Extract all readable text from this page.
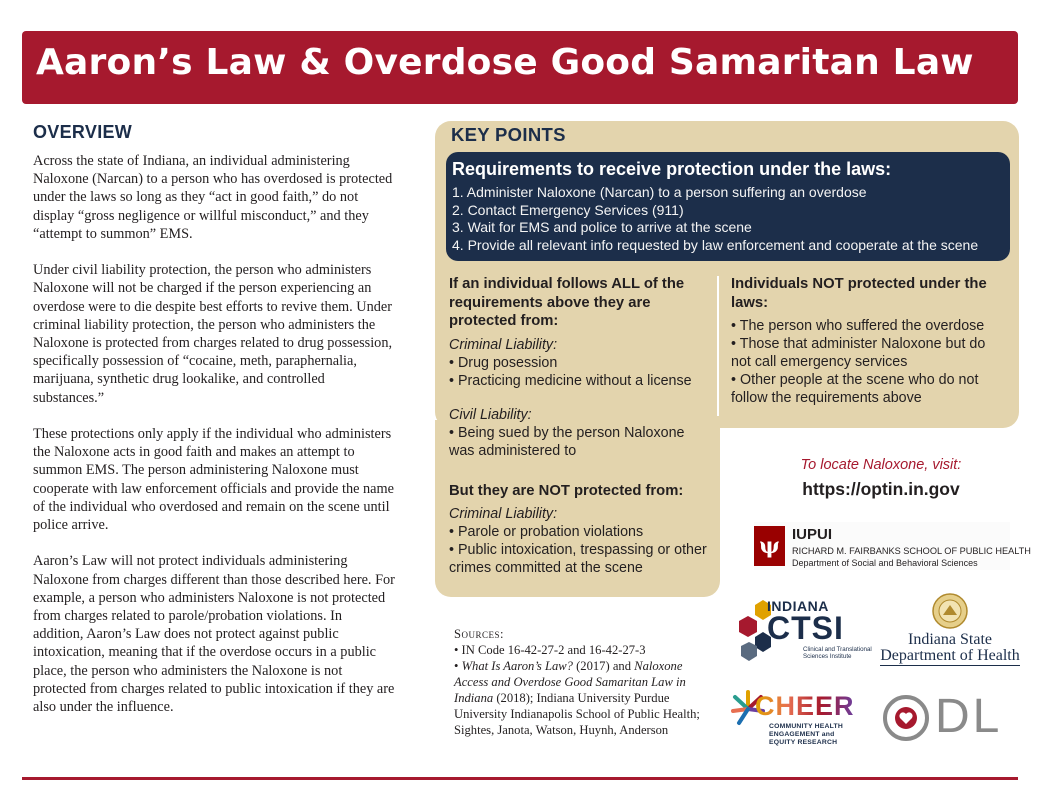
Aaron’s Law & Overdose Good Samaritan Law
OVERVIEW

Across the state of Indiana, an individual administering Naloxone (Narcan) to a person who has overdosed is protected under the laws so long as they “act in good faith,” do not display “gross negligence or willful misconduct,” and they “attempt to summon” EMS.

Under civil liability protection, the person who administers Naloxone will not be charged if the person experiencing an overdose were to die despite best efforts to revive them. Under criminal liability protection, the person who administers the Naloxone is protected from charges related to drug possession, specifically possession of “cocaine, meth, paraphernalia, marijuana, synthetic drug lookalike, and controlled substances.”

These protections only apply if the individual who administers the Naloxone acts in good faith and makes an attempt to summon EMS. The person administering Naloxone must cooperate with law enforcement officials and provide the name of the individual who overdosed and remain on the scene until police arrive.

Aaron’s Law will not protect individuals administering Naloxone from charges different than those described here. For example, a person who administers Naloxone is not protected from charges related to parole/probation violations. In addition, Aaron’s Law does not protect against public intoxication, meaning that if the overdose occurs in a public place, the person who administers the Naloxone is not protected from charges related to public intoxication if they are also under the influence.

KEY POINTS
Requirements to receive protection under the laws:
1. Administer Naloxone (Narcan) to a person suffering an overdose
2. Contact Emergency Services (911)
3. Wait for EMS and police to arrive at the scene
4. Provide all relevant info requested by law enforcement and cooperate at the scene
If an individual follows ALL of the requirements above they are protected from:
Criminal Liability:
• Drug posession
• Practicing medicine without a license
Civil Liability:
• Being sued by the person Naloxone was administered to
But they are NOT protected from:
Criminal Liability:
• Parole or probation violations
• Public intoxication, trespassing or other crimes committed at the scene
Individuals NOT protected under the laws:
• The person who suffered the overdose
• Those that administer Naloxone but do not call emergency services
• Other people at the scene who do not follow the requirements above
To locate Naloxone, visit:
https://optin.in.gov
Sources:
• IN Code 16-42-27-2 and 16-42-27-3
• What Is Aaron’s Law? (2017) and Naloxone Access and Overdose Good Samaritan Law in Indiana (2018); Indiana University Purdue University Indianapolis School of Public Health; Sightes, Janota, Watson, Huynh, Anderson
ψ IUPUI
RICHARD M. FAIRBANKS SCHOOL OF PUBLIC HEALTH
Department of Social and Behavioral Sciences
INDIANA
CTSI
Clinical and Translational
Sciences Institute
Indiana State
Department of Health
CHEER
COMMUNITY HEALTH
ENGAGEMENT and
EQUITY RESEARCH DL
